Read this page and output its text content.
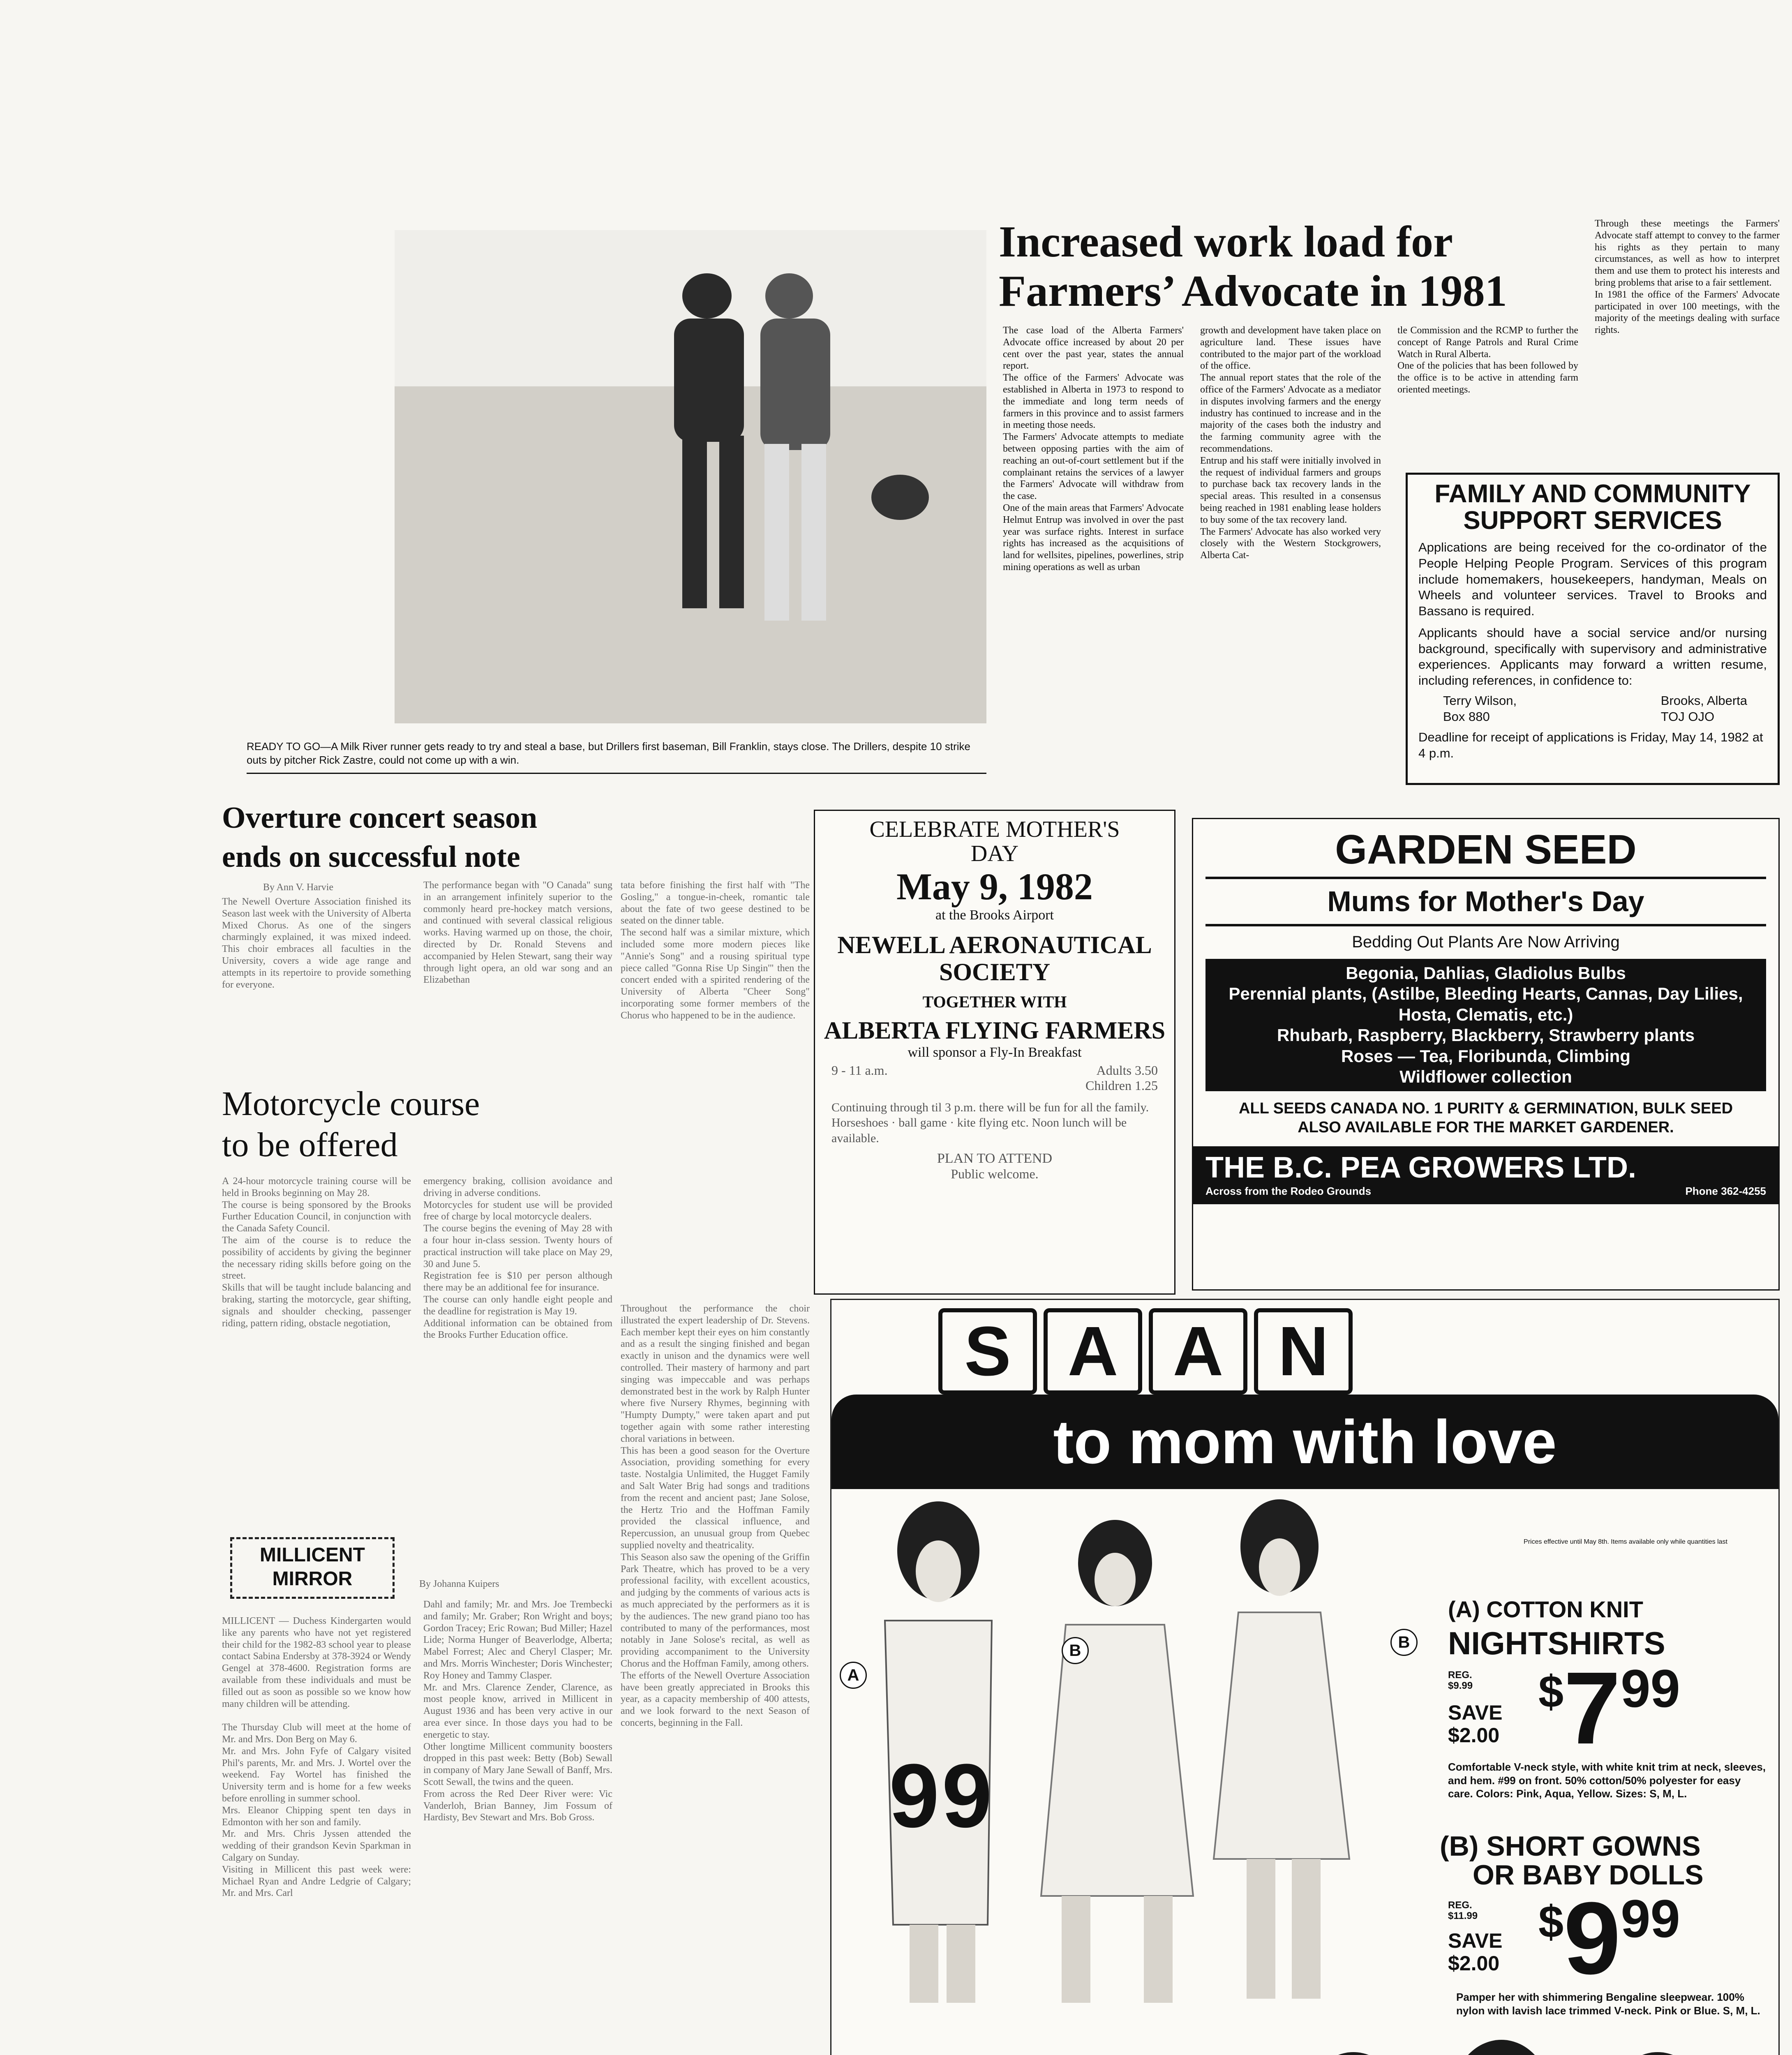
READY TO GO—A Milk River runner gets ready to try and steal a base, but Drillers first baseman, Bill Franklin, stays close. The Drillers, despite 10 strike outs by pitcher Rick Zastre, could not come up with a win.
Increased work load for
Farmers’ Advocate in 1981
The case load of the Alberta Farmers' Advocate office increased by about 20 per cent over the past year, states the annual report.
The office of the Farmers' Advocate was established in Alberta in 1973 to respond to the immediate and long term needs of farmers in this province and to assist farmers in meeting those needs.
The Farmers' Advocate attempts to mediate between opposing parties with the aim of reaching an out-of-court settlement but if the complainant retains the services of a lawyer the Farmers' Advocate will withdraw from the case.
One of the main areas that Farmers' Advocate Helmut Entrup was involved in over the past year was surface rights. Interest in surface rights has increased as the acquisitions of land for wellsites, pipelines, powerlines, strip mining operations as well as urban
growth and development have taken place on agriculture land. These issues have contributed to the major part of the workload of the office.
The annual report states that the role of the office of the Farmers' Advocate as a mediator in disputes involving farmers and the energy industry has continued to increase and in the majority of the cases both the industry and the farming community agree with the recommendations.
Entrup and his staff were initially involved in the request of individual farmers and groups to purchase back tax recovery lands in the special areas. This resulted in a consensus being reached in 1981 enabling lease holders to buy some of the tax recovery land.
The Farmers' Advocate has also worked very closely with the Western Stockgrowers, Alberta Cat-
tle Commission and the RCMP to further the concept of Range Patrols and Rural Crime Watch in Rural Alberta.
One of the policies that has been followed by the office is to be active in attending farm oriented meetings.
Through these meetings the Farmers' Advocate staff attempt to convey to the farmer his rights as they pertain to many circumstances, as well as how to interpret them and use them to protect his interests and bring problems that arise to a fair settlement.
In 1981 the office of the Farmers' Advocate participated in over 100 meetings, with the majority of the meetings dealing with surface rights.
FAMILY AND COMMUNITY
SUPPORT SERVICES
Applications are being received for the co-ordinator of the People Helping People Program. Services of this program include homemakers, housekeepers, handyman, Meals on Wheels and volunteer services. Travel to Brooks and Bassano is required.
Applicants should have a social service and/or nursing background, specifically with supervisory and administrative experiences. Applicants may forward a written resume, including references, in confidence to:
Terry Wilson,
Box 880
Brooks, Alberta
TOJ OJO
Deadline for receipt of applications is Friday, May 14, 1982 at 4 p.m.
Overture concert season
ends on successful note
By Ann V. Harvie
The Newell Overture Association finished its Season last week with the University of Alberta Mixed Chorus. As one of the singers charmingly explained, it was mixed indeed. This choir embraces all faculties in the University, covers a wide age range and attempts in its repertoire to provide something for everyone.
The performance began with "O Canada" sung in an arrangement infinitely superior to the commonly heard pre-hockey match versions, and continued with several classical religious works. Having warmed up on those, the choir, directed by Dr. Ronald Stevens and accompanied by Helen Stewart, sang their way through light opera, an old war song and an Elizabethan
tata before finishing the first half with "The Gosling," a tongue-in-cheek, romantic tale about the fate of two geese destined to be seated on the dinner table.
The second half was a similar mixture, which included some more modern pieces like "Annie's Song" and a rousing spiritual type piece called "Gonna Rise Up Singin'" then the concert ended with a spirited rendering of the University of Alberta "Cheer Song" incorporating some former members of the Chorus who happened to be in the audience.
Throughout the performance the choir illustrated the expert leadership of Dr. Stevens. Each member kept their eyes on him constantly and as a result the singing finished and began exactly in unison and the dynamics were well controlled. Their mastery of harmony and part singing was impeccable and was perhaps demonstrated best in the work by Ralph Hunter where five Nursery Rhymes, beginning with "Humpty Dumpty," were taken apart and put together again with some rather interesting choral variations in between.
This has been a good season for the Overture Association, providing something for every taste. Nostalgia Unlimited, the Hugget Family and Salt Water Brig had songs and traditions from the recent and ancient past; Jane Solose, the Hertz Trio and the Hoffman Family provided the classical influence, and Repercussion, an unusual group from Quebec supplied novelty and theatricality.
This Season also saw the opening of the Griffin Park Theatre, which has proved to be a very professional facility, with excellent acoustics, and judging by the comments of various acts is as much appreciated by the performers as it is by the audiences. The new grand piano too has contributed to many of the performances, most notably in Jane Solose's recital, as well as providing accompaniment to the University Chorus and the Hoffman Family, among others.
The efforts of the Newell Overture Association have been greatly appreciated in Brooks this year, as a capacity membership of 400 attests, and we look forward to the next Season of concerts, beginning in the Fall.
Motorcycle course
to be offered
A 24-hour motorcycle training course will be held in Brooks beginning on May 28.
The course is being sponsored by the Brooks Further Education Council, in conjunction with the Canada Safety Council.
The aim of the course is to reduce the possibility of accidents by giving the beginner the necessary riding skills before going on the street.
Skills that will be taught include balancing and braking, starting the motorcycle, gear shifting, signals and shoulder checking, passenger riding, pattern riding, obstacle negotiation,
emergency braking, collision avoidance and driving in adverse conditions.
Motorcycles for student use will be provided free of charge by local motorcycle dealers.
The course begins the evening of May 28 with a four hour in-class session. Twenty hours of practical instruction will take place on May 29, 30 and June 5.
Registration fee is $10 per person although there may be an additional fee for insurance.
The course can only handle eight people and the deadline for registration is May 19.
Additional information can be obtained from the Brooks Further Education office.
MILLICENT
MIRROR	By Johanna Kuipers
MILLICENT — Duchess Kindergarten would like any parents who have not yet registered their child for the 1982-83 school year to please contact Sabina Endersby at 378-3924 or Wendy Gengel at 378-4600. Registration forms are available from these individuals and must be filled out as soon as possible so we know how many children will be attending.

The Thursday Club will meet at the home of Mr. and Mrs. Don Berg on May 6.
Mr. and Mrs. John Fyfe of Calgary visited Phil's parents, Mr. and Mrs. J. Wortel over the weekend. Fay Wortel has finished the University term and is home for a few weeks before enrolling in summer school.
Mrs. Eleanor Chipping spent ten days in Edmonton with her son and family.
Mr. and Mrs. Chris Jyssen attended the wedding of their grandson Kevin Sparkman in Calgary on Sunday.
Visiting in Millicent this past week were: Michael Ryan and Andre Ledgrie of Calgary; Mr. and Mrs. Carl
Dahl and family; Mr. and Mrs. Joe Trembecki and family; Mr. Graber; Ron Wright and boys; Gordon Tracey; Eric Rowan; Bud Miller; Hazel Lide; Norma Hunger of Beaverlodge, Alberta; Mabel Forrest; Alec and Cheryl Clasper; Mr. and Mrs. Morris Winchester; Doris Winchester; Roy Honey and Tammy Clasper.
Mr. and Mrs. Clarence Zender, Clarence, as most people know, arrived in Millicent in August 1936 and has been very active in our area ever since. In those days you had to be energetic to stay.
Other longtime Millicent community boosters dropped in this past week: Betty (Bob) Sewall in company of Mary Jane Sewall of Banff, Mrs. Scott Sewall, the twins and the queen.
From across the Red Deer River were: Vic Vanderloh, Brian Banney, Jim Fossum of Hardisty, Bev Stewart and Mrs. Bob Gross.
CELEBRATE MOTHER'S
DAY
May 9, 1982
at the Brooks Airport
NEWELL AERONAUTICAL
SOCIETY
TOGETHER WITH
ALBERTA FLYING FARMERS
will sponsor a Fly-In Breakfast
9 - 11 a.m.	Adults 3.50
Children 1.25
Continuing through til 3 p.m. there will be fun for all the family. Horseshoes · ball game · kite flying etc. Noon lunch will be available.
PLAN TO ATTEND
Public welcome.
GARDEN SEED
Mums for Mother's Day
Bedding Out Plants Are Now Arriving
Begonia, Dahlias, Gladiolus Bulbs
Perennial plants, (Astilbe, Bleeding Hearts, Cannas, Day Lilies, Hosta, Clematis, etc.)
Rhubarb, Raspberry, Blackberry, Strawberry plants
Roses — Tea, Floribunda, Climbing
Wildflower collection
ALL SEEDS CANADA NO. 1 PURITY & GERMINATION, BULK SEED ALSO AVAILABLE FOR THE MARKET GARDENER.
THE B.C. PEA GROWERS LTD.
Across from the Rodeo Grounds	Phone 362-4255
S A A N
to mom with love
99
A
B	B
Prices effective until May 8th. Items available only while quantities last
(A) COTTON KNIT
NIGHTSHIRTS
REG. $9.99
SAVE
$2.00
$ 7 99
Comfortable V-neck style, with white knit trim at neck, sleeves, and hem. #99 on front. 50% cotton/50% polyester for easy care. Colors: Pink, Aqua, Yellow. Sizes: S, M, L.
(B) SHORT GOWNS
OR BABY DOLLS
REG. $11.99
SAVE
$2.00
$ 9 99
Pamper her with shimmering Bengaline sleepwear. 100% nylon with lavish lace trimmed V-neck. Pink or Blue. S, M, L.
